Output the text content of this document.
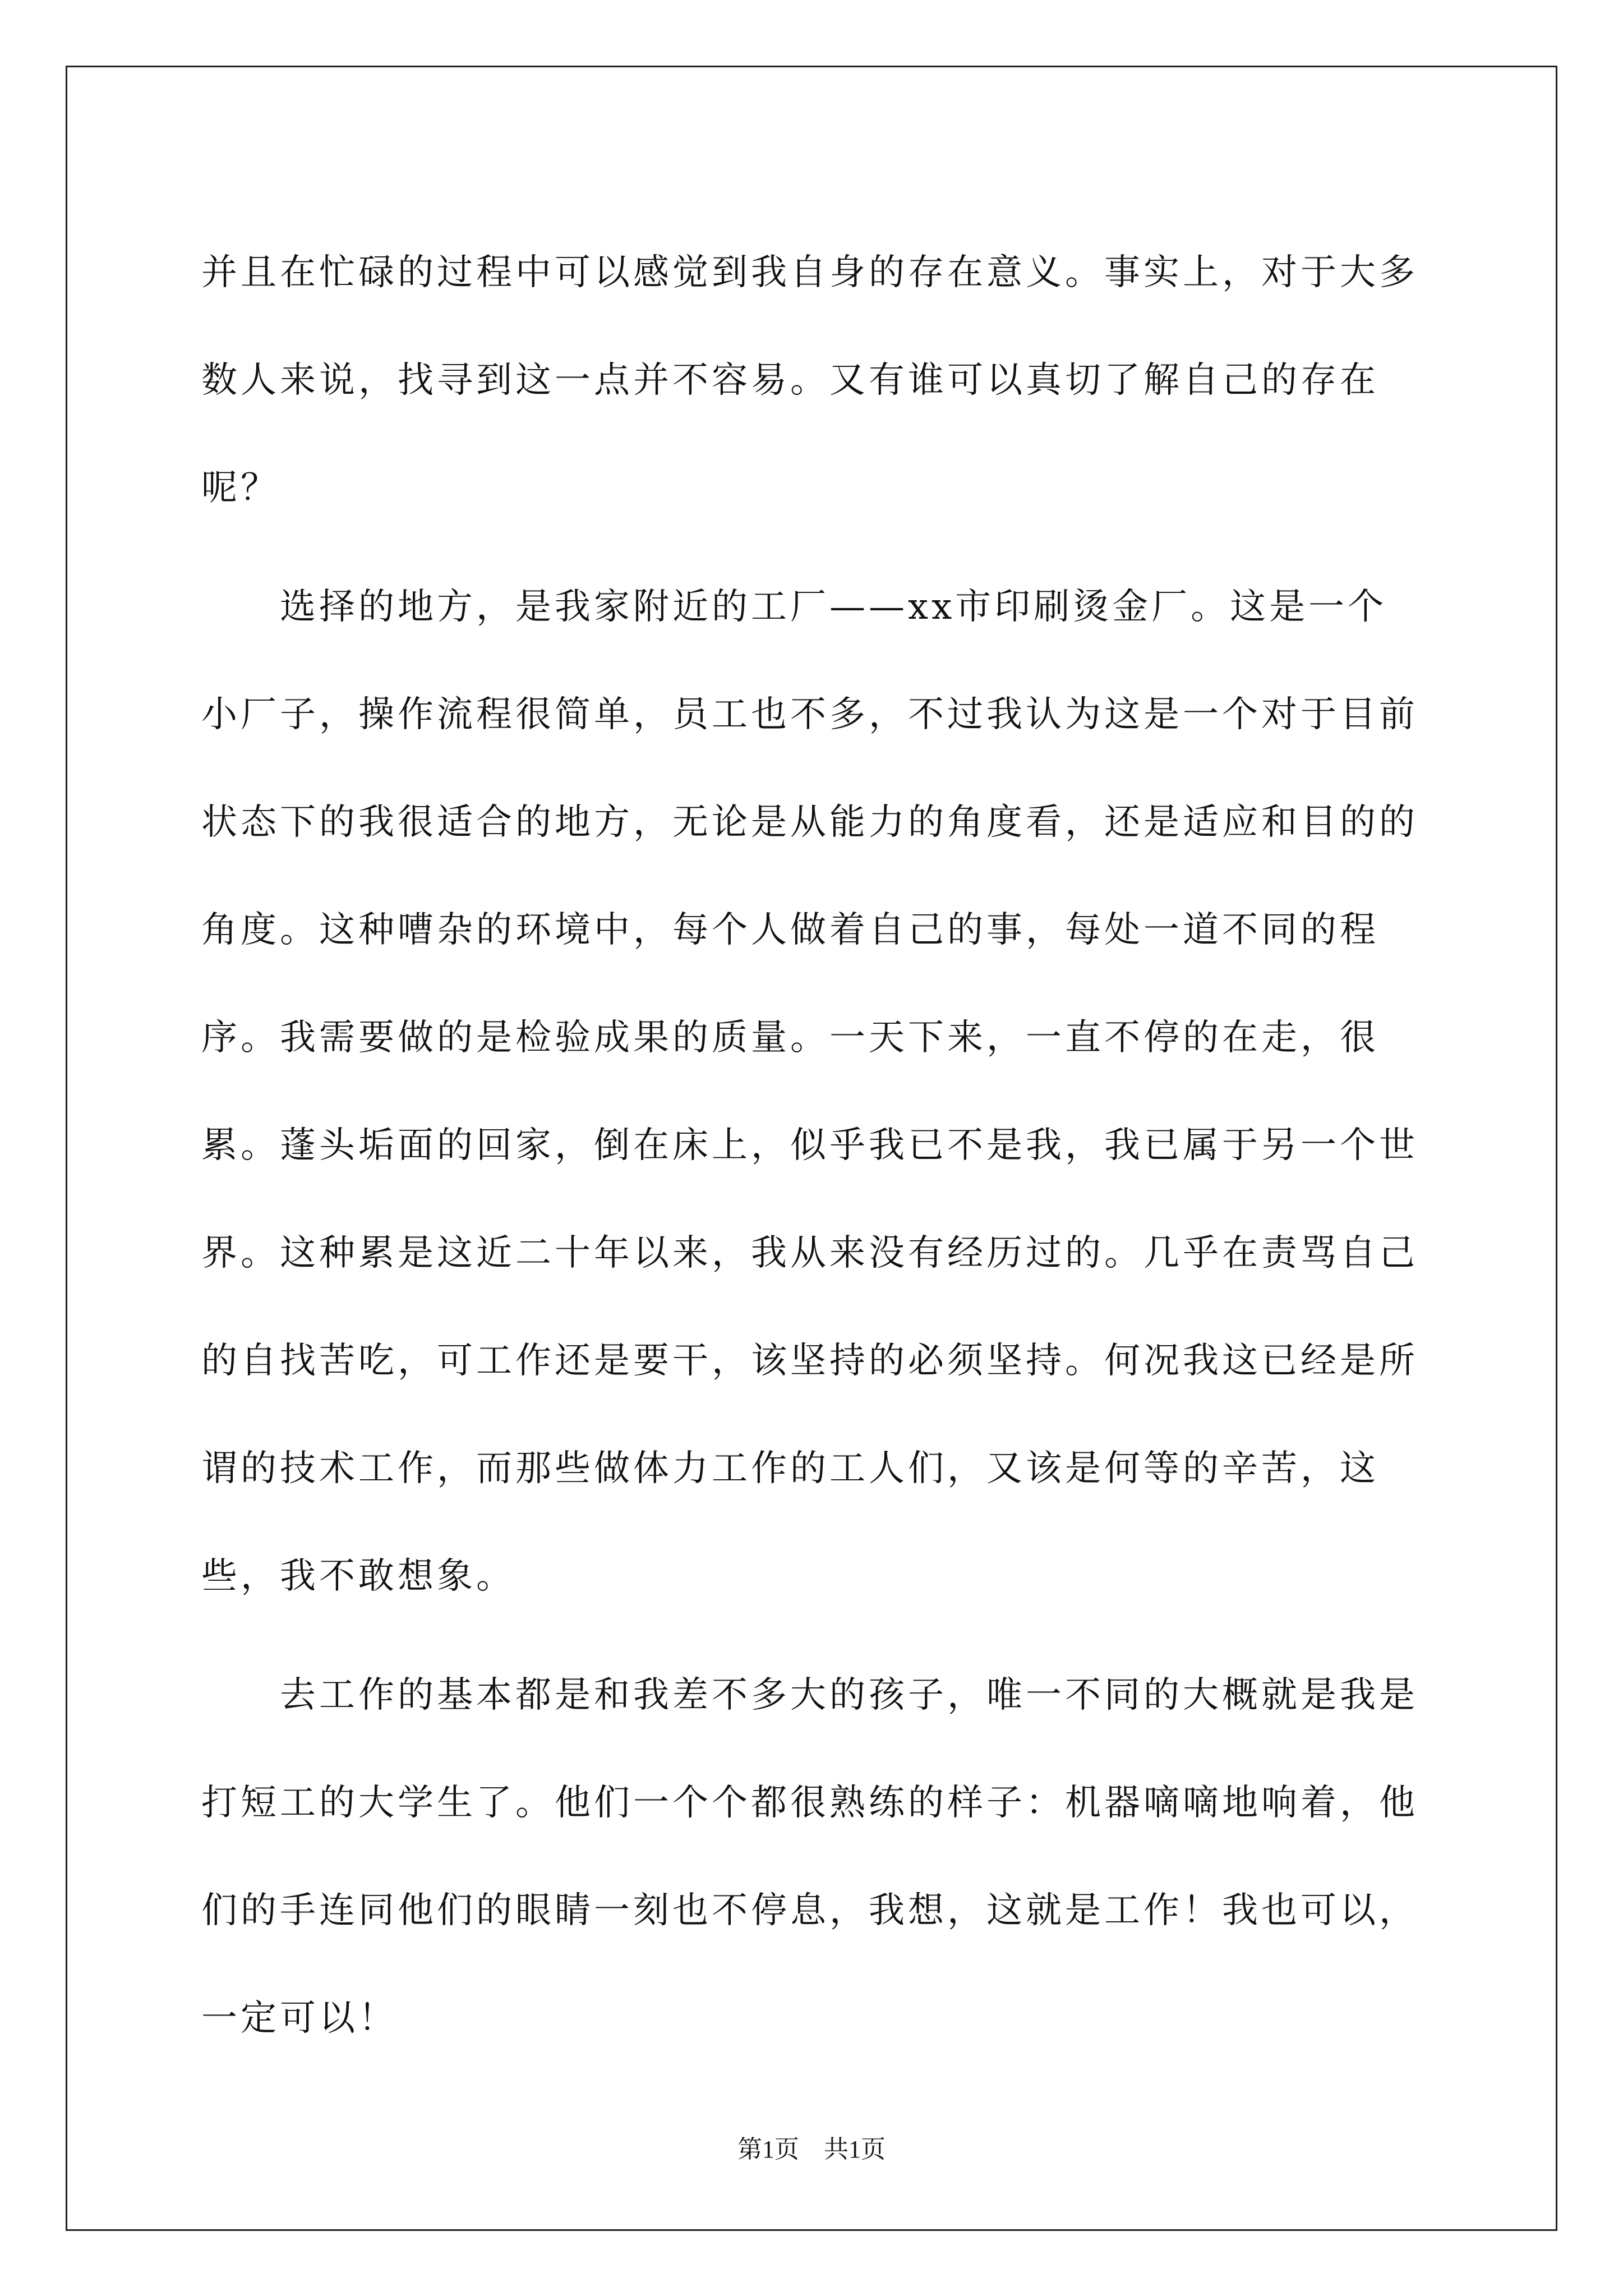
并且在忙碌的过程中可以感觉到我自身的存在意义。事实上，对于大多数人来说，找寻到这一点并不容易。又有谁可以真切了解自己的存在呢？

选择的地方，是我家附近的工厂——xx市印刷烫金厂。这是一个小厂子，操作流程很简单，员工也不多，不过我认为这是一个对于目前状态下的我很适合的地方，无论是从能力的角度看，还是适应和目的的角度。这种嘈杂的环境中，每个人做着自己的事，每处一道不同的程序。我需要做的是检验成果的质量。一天下来，一直不停的在走，很累。蓬头垢面的回家，倒在床上，似乎我已不是我，我已属于另一个世界。这种累是这近二十年以来，我从来没有经历过的。几乎在责骂自己的自找苦吃，可工作还是要干，该坚持的必须坚持。何况我这已经是所谓的技术工作，而那些做体力工作的工人们，又该是何等的辛苦，这些，我不敢想象。

去工作的基本都是和我差不多大的孩子，唯一不同的大概就是我是打短工的大学生了。他们一个个都很熟练的样子：机器嘀嘀地响着，他们的手连同他们的眼睛一刻也不停息，我想，这就是工作！我也可以，一定可以！

第1页 共1页
